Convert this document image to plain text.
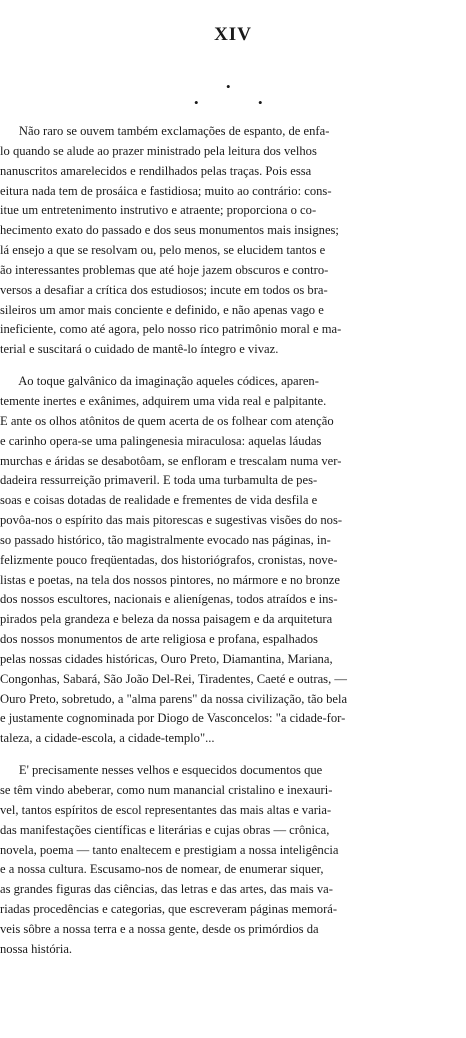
XIV
•
•	•
Não raro se ouvem também exclamações de espanto, de enfa-
lo quando se alude ao prazer ministrado pela leitura dos velhos
nanuscritos amarelecidos e rendilhados pelas traças. Pois essa
eitura nada tem de prosáica e fastidiosa; muito ao contrário: cons-
itue um entretenimento instrutivo e atraente; proporciona o co-
hecimento exato do passado e dos seus monumentos mais insignes;
lá ensejo a que se resolvam ou, pelo menos, se elucidem tantos e
ão interessantes problemas que até hoje jazem obscuros e contro-
versos a desafiar a crítica dos estudiosos; incute em todos os bra-
sileiros um amor mais conciente e definido, e não apenas vago e
ineficiente, como até agora, pelo nosso rico patrimônio moral e ma-
terial e suscitará o cuidado de mantê-lo íntegro e vivaz.
Ao toque galvânico da imaginação aqueles códices, aparen-
temente inertes e exânimes, adquirem uma vida real e palpitante.
E ante os olhos atônitos de quem acerta de os folhear com atenção
e carinho opera-se uma palingenesia miraculosa: aquelas láudas
murchas e áridas se desabotôam, se enfloram e trescalam numa ver-
dadeira ressurreição primaveril. E toda uma turbamulta de pes-
soas e coisas dotadas de realidade e frementes de vida desfila e
povôa-nos o espírito das mais pitorescas e sugestivas visões do nos-
so passado histórico, tão magistralmente evocado nas páginas, in-
felizmente pouco freqüentadas, dos historiógrafos, cronistas, nove-
listas e poetas, na tela dos nossos pintores, no mármore e no bronze
dos nossos escultores, nacionais e alienígenas, todos atraídos e ins-
pirados pela grandeza e beleza da nossa paisagem e da arquitetura
dos nossos monumentos de arte religiosa e profana, espalhados
pelas nossas cidades históricas, Ouro Preto, Diamantina, Mariana,
Congonhas, Sabará, São João Del-Rei, Tiradentes, Caeté e outras, —
Ouro Preto, sobretudo, a "alma parens" da nossa civilização, tão bela
e justamente cognominada por Diogo de Vasconcelos: "a cidade-for-
taleza, a cidade-escola, a cidade-templo"...
E' precisamente nesses velhos e esquecidos documentos que
se têm vindo abeberar, como num manancial cristalino e inexauri-
vel, tantos espíritos de escol representantes das mais altas e varia-
das manifestações científicas e literárias e cujas obras — crônica,
novela, poema — tanto enaltecem e prestigiam a nossa inteligência
e a nossa cultura. Escusamo-nos de nomear, de enumerar siquer,
as grandes figuras das ciências, das letras e das artes, das mais va-
riadas procedências e categorias, que escreveram páginas memorá-
veis sôbre a nossa terra e a nossa gente, desde os primórdios da
nossa história.
